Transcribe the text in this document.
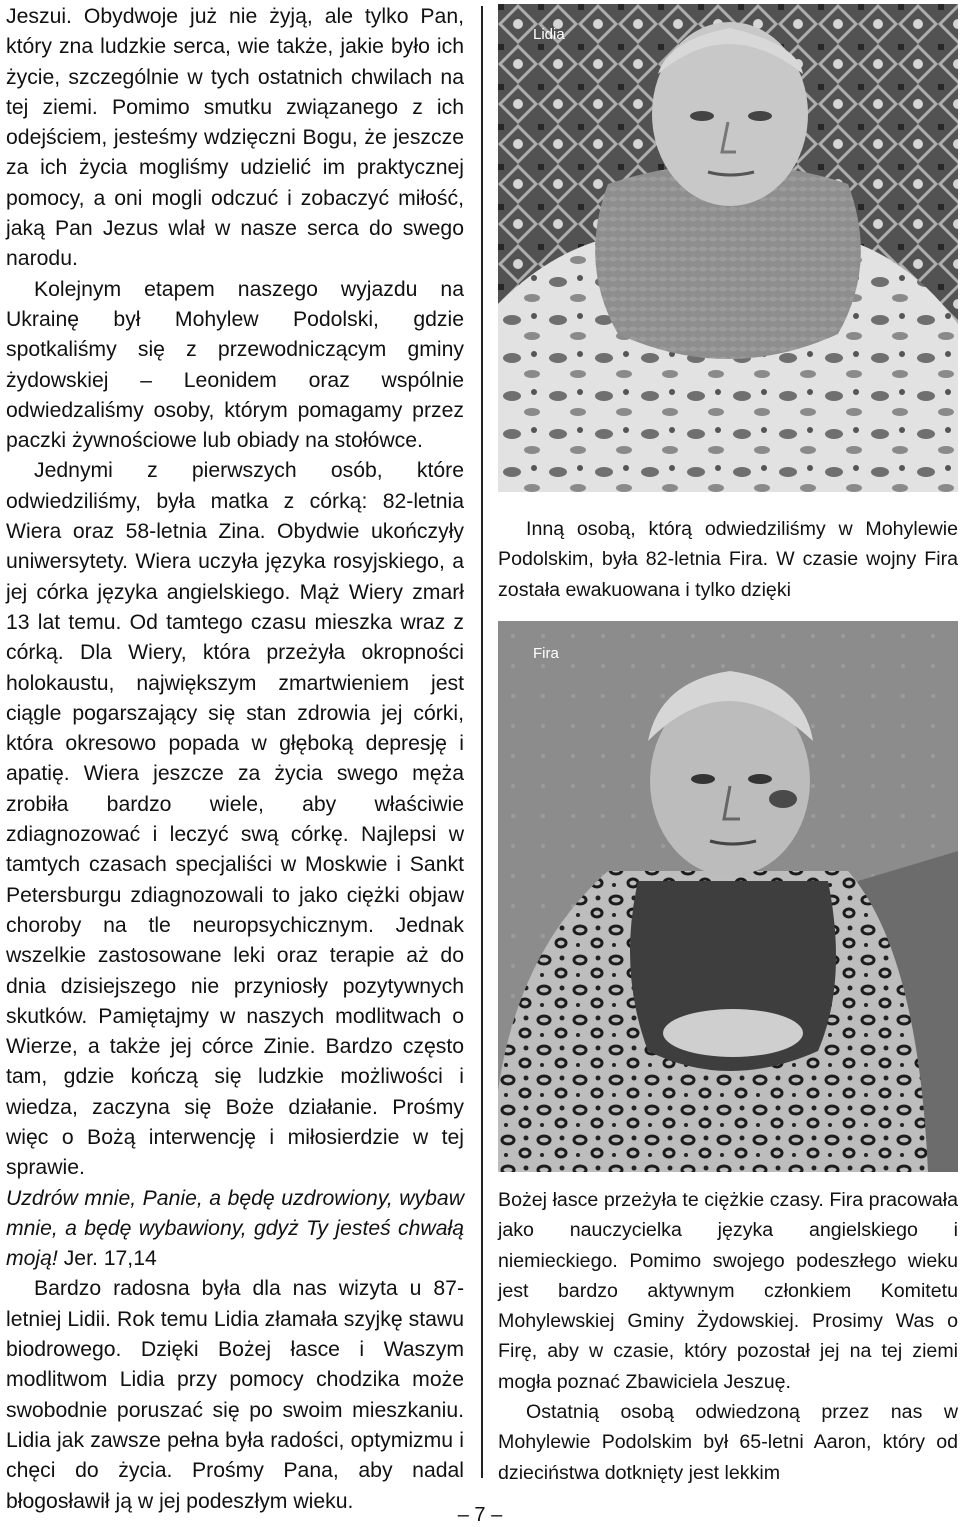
Jeszui. Obydwoje już nie żyją, ale tylko Pan, który zna ludzkie serca, wie także, jakie było ich życie, szczególnie w tych ostatnich chwilach na tej ziemi. Pomimo smutku związanego z ich odejściem, jesteśmy wdzięczni Bogu, że jeszcze za ich życia mogliśmy udzielić im praktycznej pomocy, a oni mogli odczuć i zobaczyć miłość, jaką Pan Jezus wlał w nasze serca do swego narodu.

Kolejnym etapem naszego wyjazdu na Ukrainę był Mohylew Podolski, gdzie spotkaliśmy się z przewodniczącym gminy żydowskiej – Leonidem oraz wspólnie odwiedzaliśmy osoby, którym pomagamy przez paczki żywnościowe lub obiady na stołówce.

Jednymi z pierwszych osób, które odwiedziliśmy, była matka z córką: 82-letnia Wiera oraz 58-letnia Zina. Obydwie ukończyły uniwersytety. Wiera uczyła języka rosyjskiego, a jej córka języka angielskiego. Mąż Wiery zmarł 13 lat temu. Od tamtego czasu mieszka wraz z córką. Dla Wiery, która przeżyła okropności holokaustu, największym zmartwieniem jest ciągle pogarszający się stan zdrowia jej córki, która okresowo popada w głęboką depresję i apatię. Wiera jeszcze za życia swego męża zrobiła bardzo wiele, aby właściwie zdiagnozować i leczyć swą córkę. Najlepsi w tamtych czasach specjaliści w Moskwie i Sankt Petersburgu zdiagnozowali to jako ciężki objaw choroby na tle neuropsychicznym. Jednak wszelkie zastosowane leki oraz terapie aż do dnia dzisiejszego nie przyniosły pozytywnych skutków. Pamiętajmy w naszych modlitwach o Wierze, a także jej córce Zinie. Bardzo często tam, gdzie kończą się ludzkie możliwości i wiedza, zaczyna się Boże działanie. Prośmy więc o Bożą interwencję i miłosierdzie w tej sprawie.

Uzdrów mnie, Panie, a będę uzdrowiony, wybaw mnie, a będę wybawiony, gdyż Ty jesteś chwałą moją! Jer. 17,14

Bardzo radosna była dla nas wizyta u 87-letniej Lidii. Rok temu Lidia złamała szyjkę stawu biodrowego. Dzięki Bożej łasce i Waszym modlitwom Lidia przy pomocy chodzika może swobodnie poruszać się po swoim mieszkaniu. Lidia jak zawsze pełna była radości, optymizmu i chęci do życia. Prośmy Pana, aby nadal błogosławił ją w jej podeszłym wieku.

Lidia

Inną osobą, którą odwiedziliśmy w Mohylewie Podolskim, była 82-letnia Fira. W czasie wojny Fira została ewakuowana i tylko dzięki

Fira

Bożej łasce przeżyła te ciężkie czasy. Fira pracowała jako nauczycielka języka angielskiego i niemieckiego. Pomimo swojego podeszłego wieku jest bardzo aktywnym członkiem Komitetu Mohylewskiej Gminy Żydowskiej. Prosimy Was o Firę, aby w czasie, który pozostał jej na tej ziemi mogła poznać Zbawiciela Jeszuę.

Ostatnią osobą odwiedzoną przez nas w Mohylewie Podolskim był 65-letni Aaron, który od dzieciństwa dotknięty jest lekkim

– 7 –
